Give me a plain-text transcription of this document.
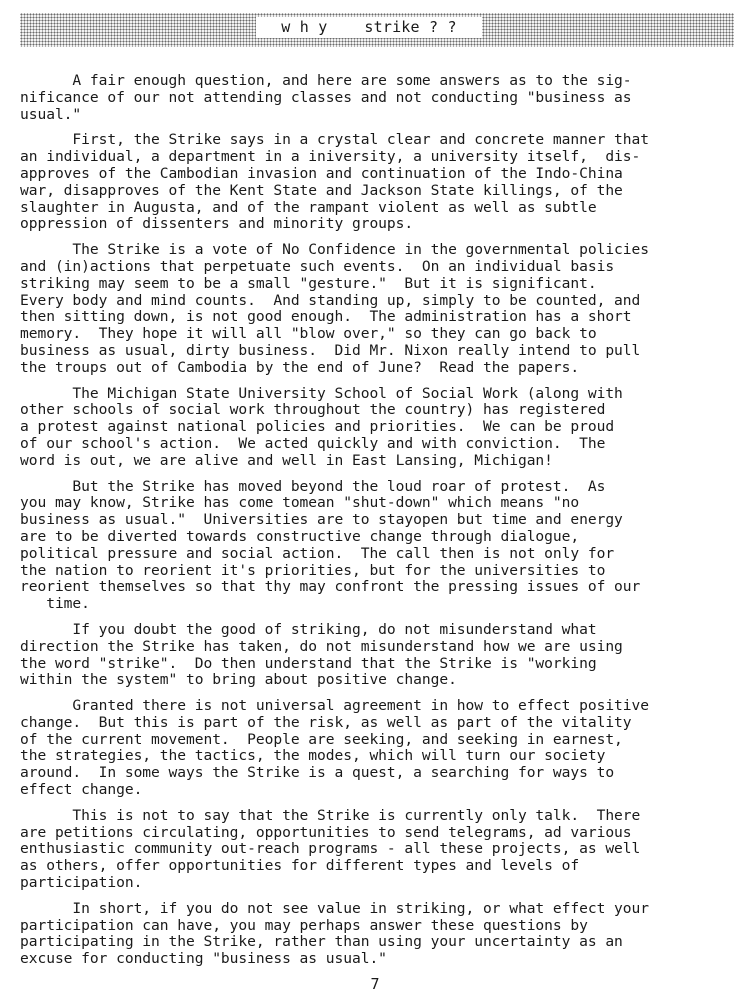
w h y    strike ? ?

A fair enough question, and here are some answers as to the sig-
nificance of our not attending classes and not conducting "business as
usual."

First, the Strike says in a crystal clear and concrete manner that
an individual, a department in a iniversity, a university itself,  dis-
approves of the Cambodian invasion and continuation of the Indo-China
war, disapproves of the Kent State and Jackson State killings, of the
slaughter in Augusta, and of the rampant violent as well as subtle
oppression of dissenters and minority groups.

The Strike is a vote of No Confidence in the governmental policies
and (in)actions that perpetuate such events.  On an individual basis
striking may seem to be a small "gesture."  But it is significant.
Every body and mind counts.  And standing up, simply to be counted, and
then sitting down, is not good enough.  The administration has a short
memory.  They hope it will all "blow over," so they can go back to
business as usual, dirty business.  Did Mr. Nixon really intend to pull
the troups out of Cambodia by the end of June?  Read the papers.

The Michigan State University School of Social Work (along with
other schools of social work throughout the country) has registered
a protest against national policies and priorities.  We can be proud
of our school's action.  We acted quickly and with conviction.  The
word is out, we are alive and well in East Lansing, Michigan!

But the Strike has moved beyond the loud roar of protest.  As
you may know, Strike has come tomean "shut-down" which means "no
business as usual."  Universities are to stayopen but time and energy
are to be diverted towards constructive change through dialogue,
political pressure and social action.  The call then is not only for
the nation to reorient it's priorities, but for the universities to
reorient themselves so that thy may confront the pressing issues of our
time.

If you doubt the good of striking, do not misunderstand what
direction the Strike has taken, do not misunderstand how we are using
the word "strike".  Do then understand that the Strike is "working
within the system" to bring about positive change.

Granted there is not universal agreement in how to effect positive
change.  But this is part of the risk, as well as part of the vitality
of the current movement.  People are seeking, and seeking in earnest,
the strategies, the tactics, the modes, which will turn our society
around.  In some ways the Strike is a quest, a searching for ways to
effect change.

This is not to say that the Strike is currently only talk.  There
are petitions circulating, opportunities to send telegrams, ad various
enthusiastic community out-reach programs - all these projects, as well
as others, offer opportunities for different types and levels of
participation.

In short, if you do not see value in striking, or what effect your
participation can have, you may perhaps answer these questions by
participating in the Strike, rather than using your uncertainty as an
excuse for conducting "business as usual."

7
